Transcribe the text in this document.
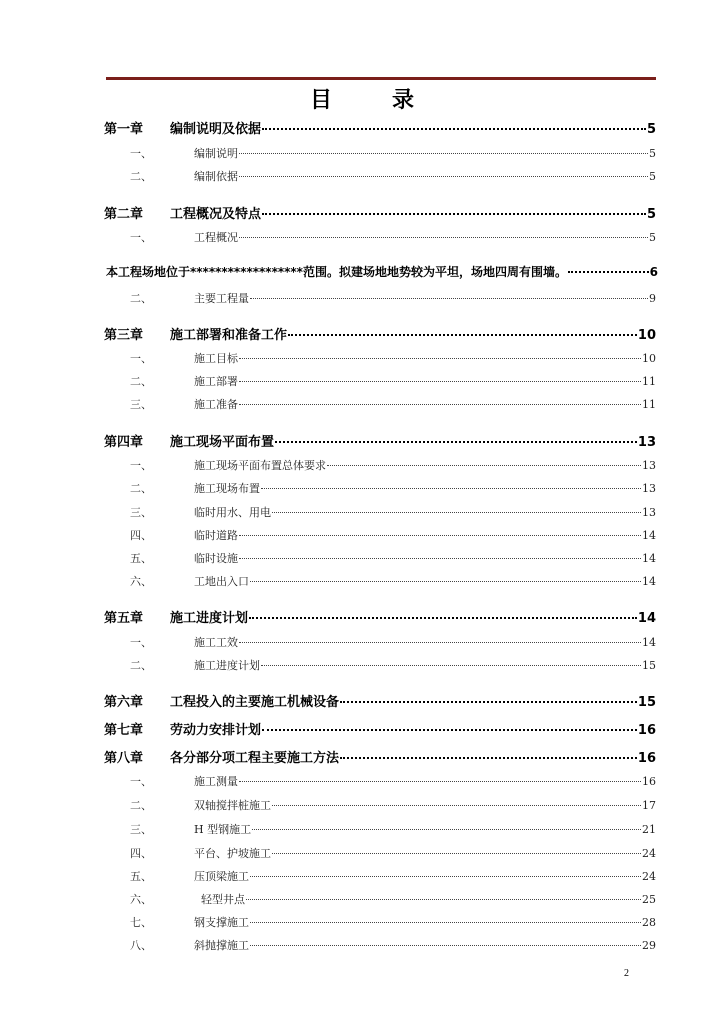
目	录
第一章	编制说明及依据	5
一、	编制说明	5
二、	编制依据	5
第二章	工程概况及特点	5
一、	工程概况	5
本工程场地位于******************范围。拟建场地地势较为平坦，场地四周有围墙。	6
二、	主要工程量	9
第三章	施工部署和准备工作	10
一、	施工目标	10
二、	施工部署	11
三、	施工准备	11
第四章	施工现场平面布置	13
一、	施工现场平面布置总体要求	13
二、	施工现场布置	13
三、	临时用水、用电	13
四、	临时道路	14
五、	临时设施	14
六、	工地出入口	14
第五章	施工进度计划	14
一、	施工工效	14
二、	施工进度计划	15
第六章	工程投入的主要施工机械设备	15
第七章	劳动力安排计划	16
第八章	各分部分项工程主要施工方法	16
一、	施工测量	16
二、	双轴搅拌桩施工	17
三、	H 型钢施工	21
四、	平台、护坡施工	24
五、	压顶梁施工	24
六、	轻型井点	25
七、	钢支撑施工	28
八、	斜抛撑施工	29
2
